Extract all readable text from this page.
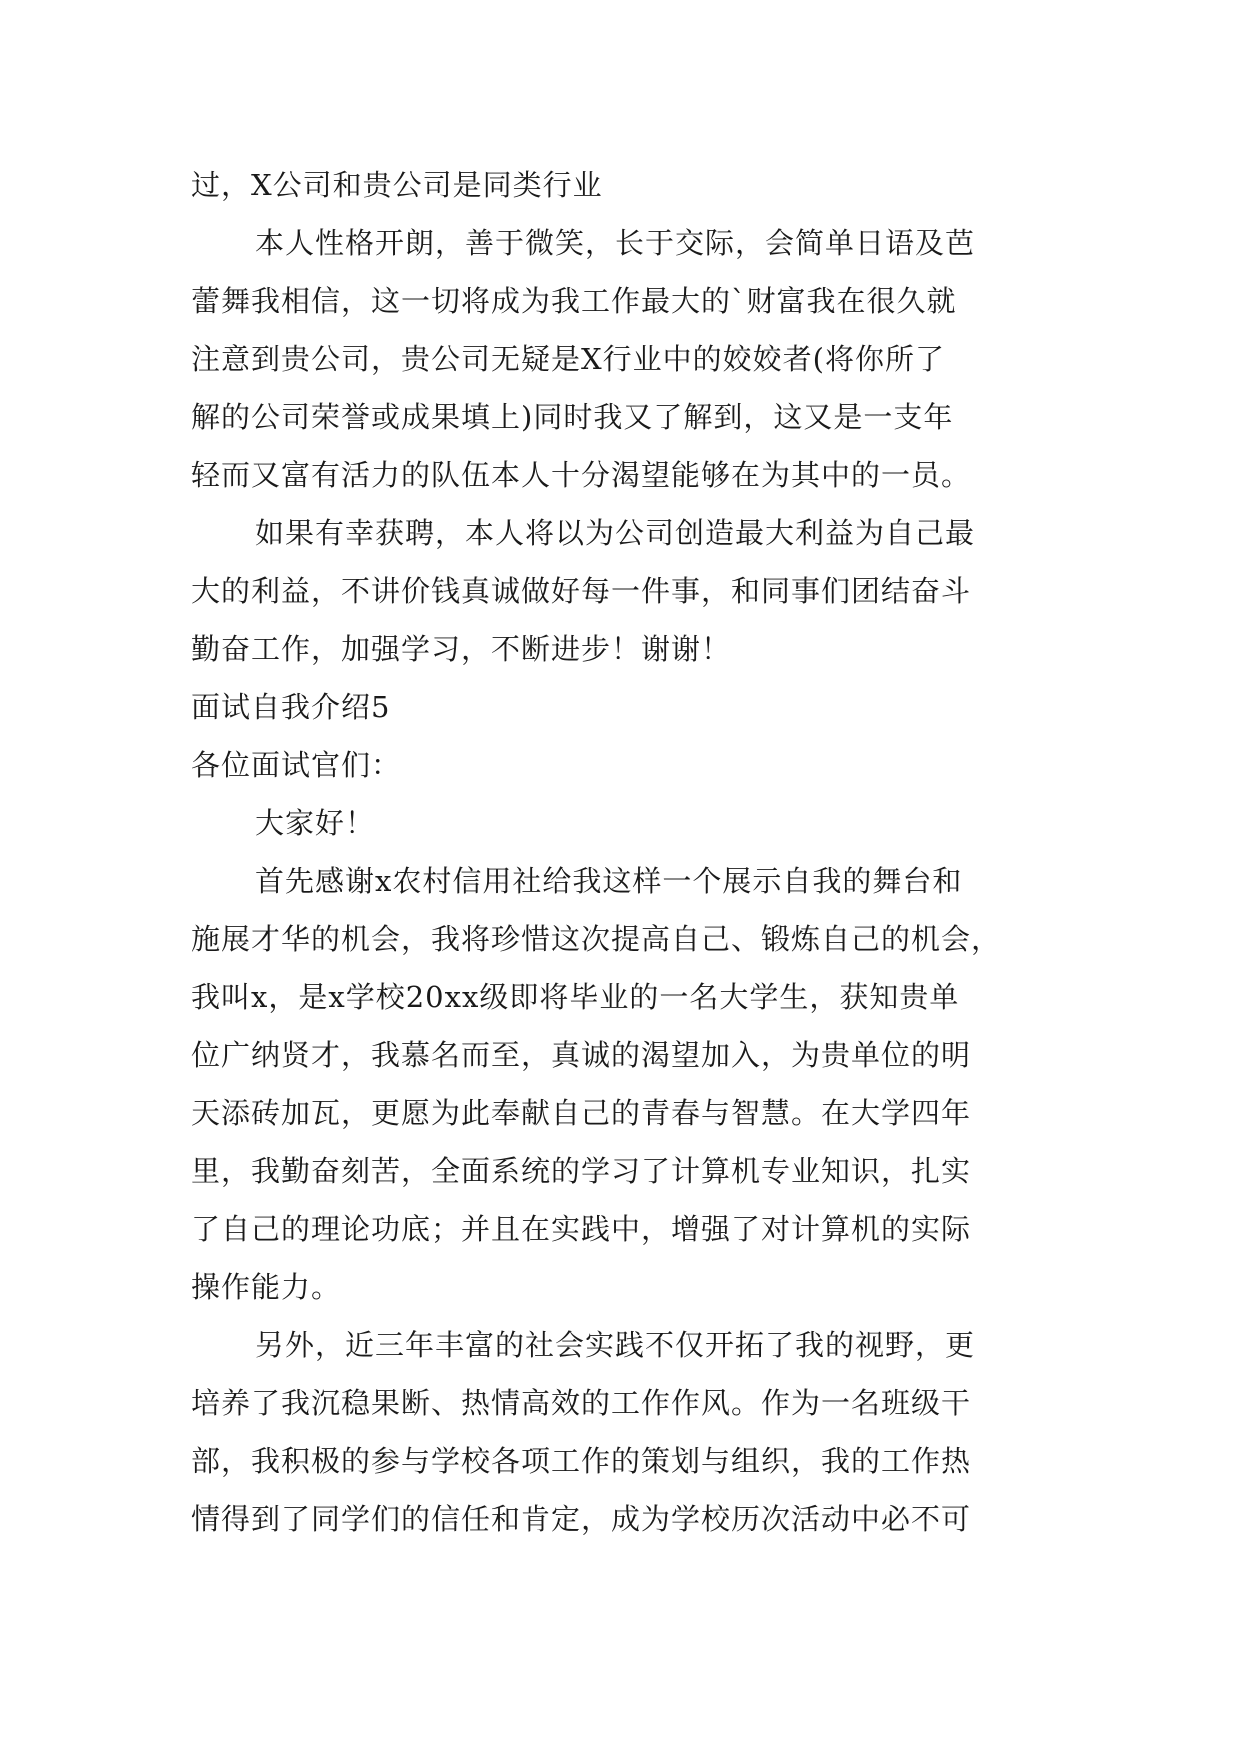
过，X公司和贵公司是同类行业
本人性格开朗，善于微笑，长于交际，会简单日语及芭
蕾舞我相信，这一切将成为我工作最大的`财富我在很久就
注意到贵公司，贵公司无疑是X行业中的姣姣者(将你所了
解的公司荣誉或成果填上)同时我又了解到，这又是一支年
轻而又富有活力的队伍本人十分渴望能够在为其中的一员。
如果有幸获聘，本人将以为公司创造最大利益为自己最
大的利益，不讲价钱真诚做好每一件事，和同事们团结奋斗
勤奋工作，加强学习，不断进步！谢谢！
面试自我介绍5
各位面试官们：
大家好！
首先感谢x农村信用社给我这样一个展示自我的舞台和
施展才华的机会，我将珍惜这次提高自己、锻炼自己的机会，
我叫x，是x学校20xx级即将毕业的一名大学生，获知贵单
位广纳贤才，我慕名而至，真诚的渴望加入，为贵单位的明
天添砖加瓦，更愿为此奉献自己的青春与智慧。在大学四年
里，我勤奋刻苦，全面系统的学习了计算机专业知识，扎实
了自己的理论功底；并且在实践中，增强了对计算机的实际
操作能力。
另外，近三年丰富的社会实践不仅开拓了我的视野，更
培养了我沉稳果断、热情高效的工作作风。作为一名班级干
部，我积极的参与学校各项工作的策划与组织，我的工作热
情得到了同学们的信任和肯定，成为学校历次活动中必不可
